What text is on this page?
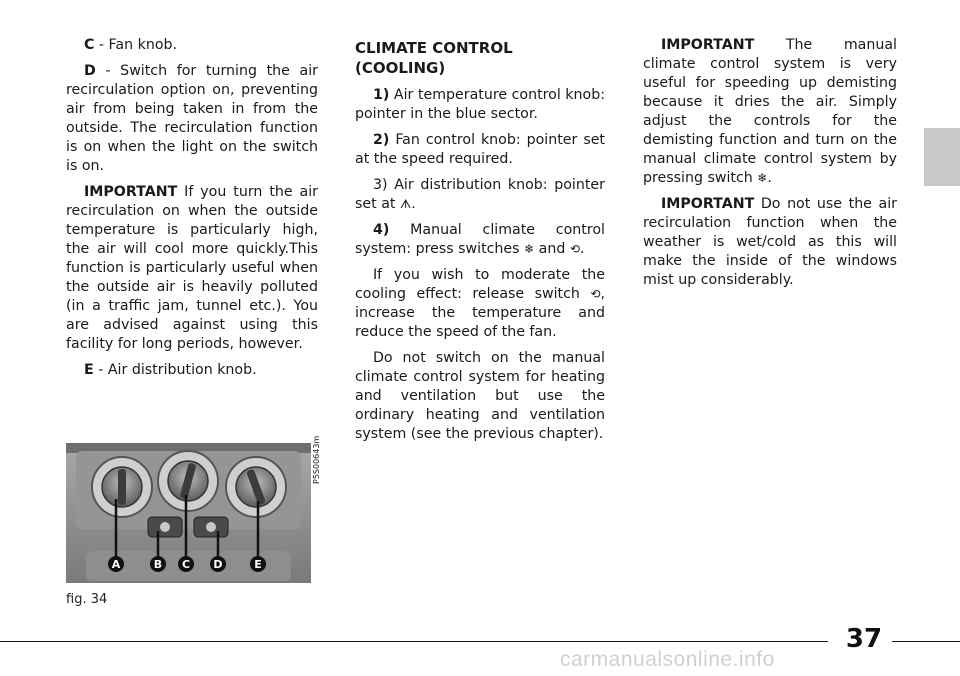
C - Fan knob.

D - Switch for turning the air recirculation option on, preventing air from being taken in from the outside. The recirculation function is on when the light on the switch is on.

IMPORTANT If you turn the air recirculation on when the outside temperature is particularly high, the air will cool more quickly.This function is particularly useful when the outside air is heavily polluted (in a traffic jam, tunnel etc.). You are advised against using this facility for long periods, however.

E - Air distribution knob.

CLIMATE CONTROL (COOLING)

1) Air temperature control knob: pointer in the blue sector.

2) Fan control knob: pointer set at the speed required.

3) Air distribution knob: pointer set at ᗑ.

4) Manual climate control system: press switches ❄ and ⟲.

If you wish to moderate the cooling effect: release switch ⟲, increase the temperature and reduce the speed of the fan.

Do not switch on the manual climate control system for heating and ventilation but use the ordinary heating and ventilation system (see the previous chapter).

IMPORTANT The manual climate control system is very useful for speeding up demisting because it dries the air. Simply adjust the controls for the demisting function and turn on the manual climate control system by pressing switch ❄.

IMPORTANT Do not use the air recirculation function when the weather is wet/cold as this will make the inside of the windows mist up considerably.

A	B C D	E
P5S00643m
fig. 34
37
carmanualsonline.info
